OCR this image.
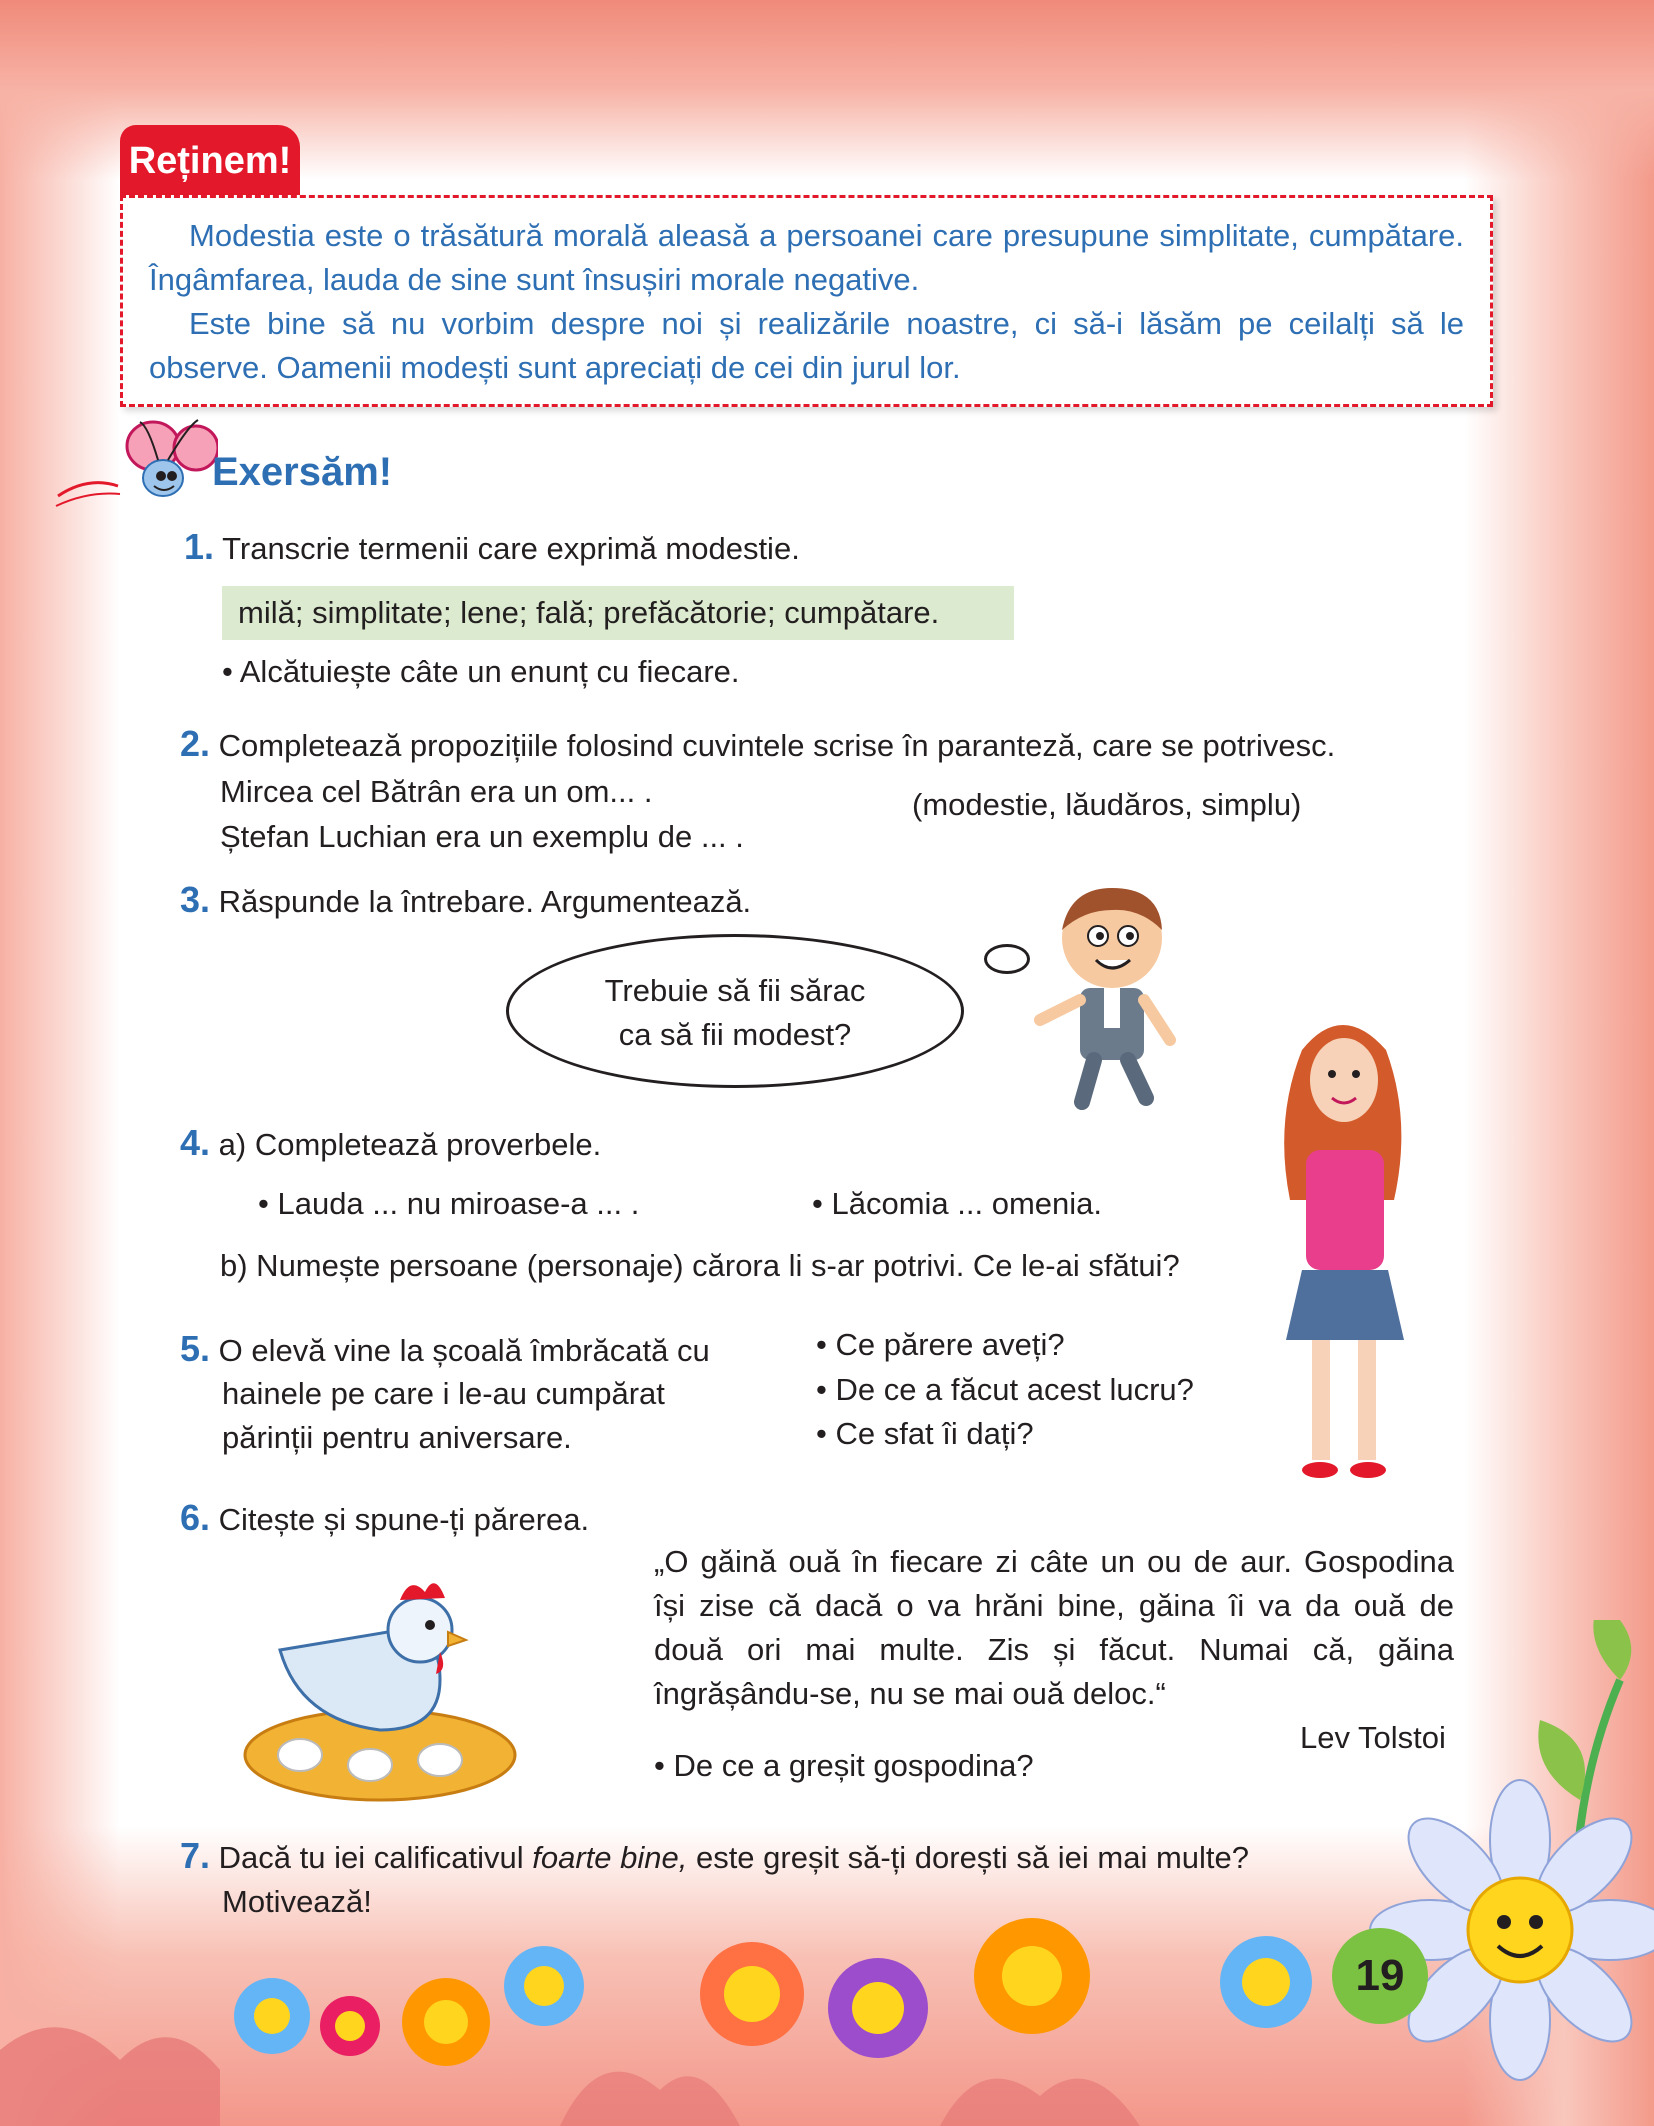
Reținem!

Modestia este o trăsătură morală aleasă a persoanei care presupune simplitate, cumpătare. Îngâmfarea, lauda de sine sunt însușiri morale negative.

Este bine să nu vorbim despre noi și realizările noastre, ci să-i lăsăm pe ceilalți să le observe. Oamenii modești sunt apreciați de cei din jurul lor.

Exersăm!
1. Transcrie termenii care exprimă modestie.
milă; simplitate; lene; fală; prefăcătorie; cumpătare.
• Alcătuiește câte un enunț cu fiecare.
2. Completează propozițiile folosind cuvintele scrise în paranteză, care se potrivesc.
Mircea cel Bătrân era un om... .
Ștefan Luchian era un exemplu de ... .
(modestie, lăudăros, simplu)
3. Răspunde la întrebare. Argumentează.
Trebuie să fii sărac
ca să fii modest?
4. a) Completează proverbele.
• Lauda ... nu miroase-a ... .	• Lăcomia ... omenia.
b) Numește persoane (personaje) cărora li s-ar potrivi. Ce le-ai sfătui?
5. O elevă vine la școală îmbrăcată cu
hainele pe care i le-au cumpărat
părinții pentru aniversare.
• Ce părere aveți?
• De ce a făcut acest lucru?
• Ce sfat îi dați?
6. Citește și spune-ți părerea.
„O găină ouă în fiecare zi câte un ou de aur. Gospodina își zise că dacă o va hrăni bine, găina îi va da ouă de două ori mai multe. Zis și făcut. Numai că, găina îngrășându-se, nu se mai ouă deloc.“
Lev Tolstoi
• De ce a greșit gospodina?
7. Dacă tu iei calificativul foarte bine, este greșit să-ți dorești să iei mai multe?
Motivează!
19
